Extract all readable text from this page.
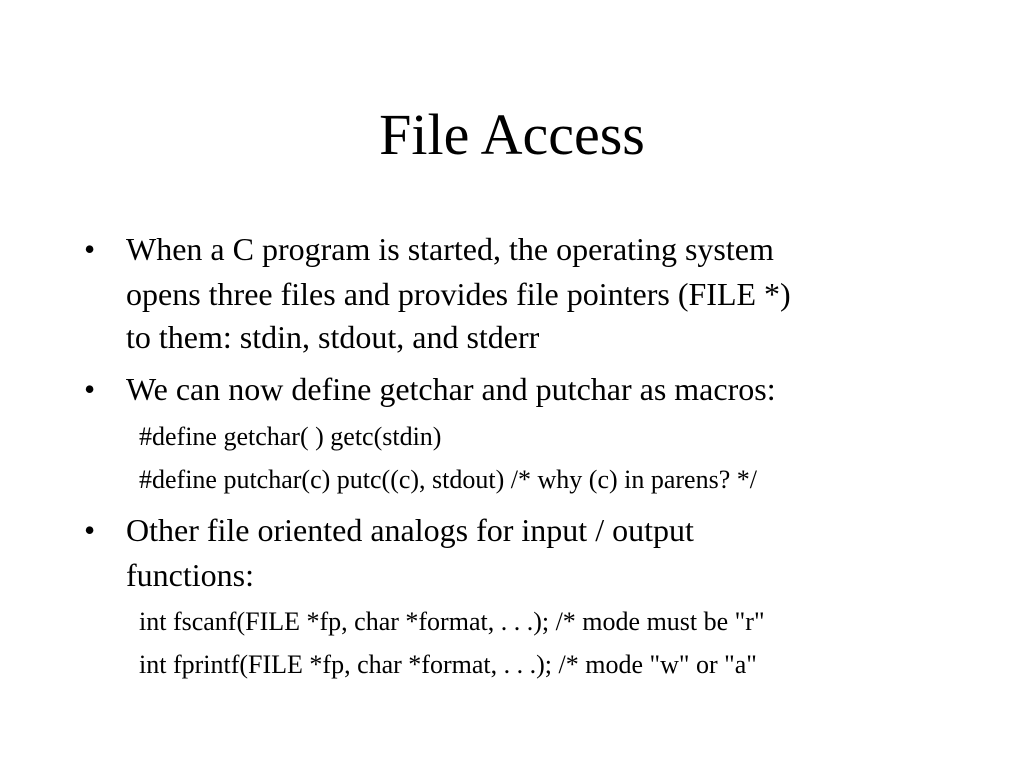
File Access
• When a C program is started, the operating system
opens three files and provides file pointers (FILE *)
to them: stdin, stdout, and stderr
• We can now define getchar and putchar as macros:
#define getchar( ) getc(stdin)
#define putchar(c) putc((c), stdout) /* why (c) in parens? */
• Other file oriented analogs for input / output
functions:
int fscanf(FILE *fp, char *format, . . .); /* mode must be "r"
int fprintf(FILE *fp, char *format, . . .); /* mode "w" or "a"
